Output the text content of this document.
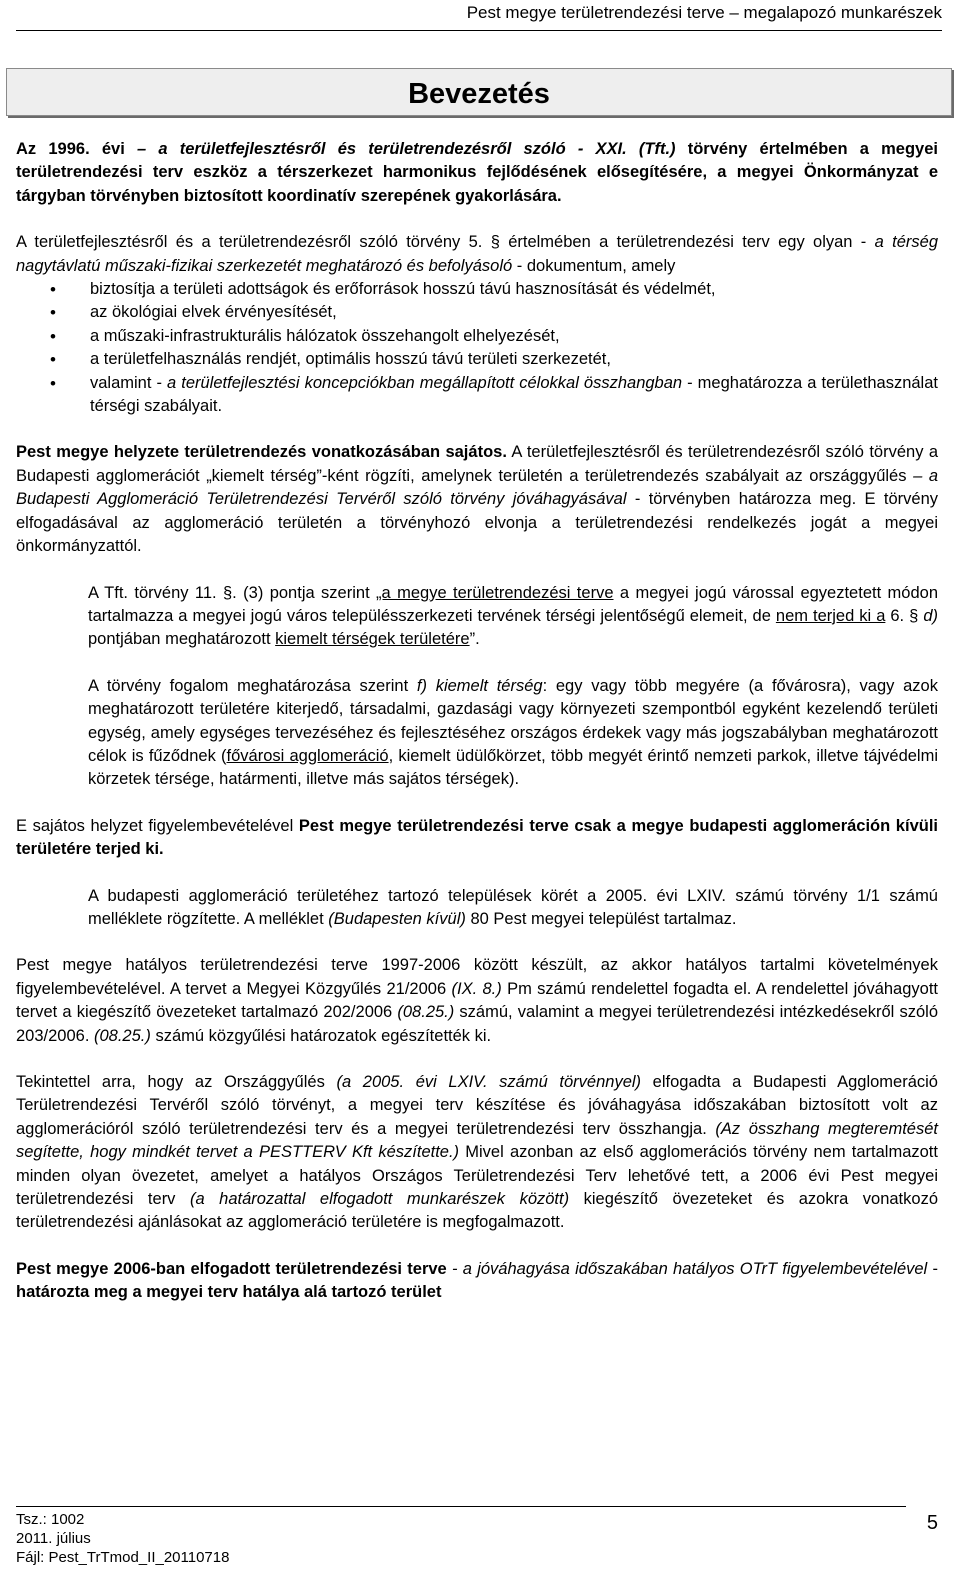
Pest megye területrendezési terve – megalapozó munkarészek
Bevezetés

Az 1996. évi – a területfejlesztésről és területrendezésről szóló - XXI. (Tft.) törvény értelmében a megyei területrendezési terv eszköz a térszerkezet harmonikus fejlődésének elősegítésére, a megyei Önkormányzat e tárgyban törvényben biztosított koordinatív szerepének gyakorlására.

A területfejlesztésről és a területrendezésről szóló törvény 5. § értelmében a területrendezési terv egy olyan - a térség nagytávlatú műszaki-fizikai szerkezetét meghatározó és befolyásoló - dokumentum, amely

• biztosítja a területi adottságok és erőforrások hosszú távú hasznosítását és védelmét,
• az ökológiai elvek érvényesítését,
• a műszaki-infrastrukturális hálózatok összehangolt elhelyezését,
• a területfelhasználás rendjét, optimális hosszú távú területi szerkezetét,
• valamint - a területfejlesztési koncepciókban megállapított célokkal összhangban - meghatározza a területhasználat térségi szabályait.

Pest megye helyzete területrendezés vonatkozásában sajátos. A területfejlesztésről és területrendezésről szóló törvény a Budapesti agglomerációt „kiemelt térség”-ként rögzíti, amelynek területén a területrendezés szabályait az országgyűlés – a Budapesti Agglomeráció Területrendezési Tervéről szóló törvény jóváhagyásával - törvényben határozza meg. E törvény elfogadásával az agglomeráció területén a törvényhozó elvonja a területrendezési rendelkezés jogát a megyei önkormányzattól.

A Tft. törvény 11. §. (3) pontja szerint „a megye területrendezési terve a megyei jogú várossal egyeztetett módon tartalmazza a megyei jogú város településszerkezeti tervének térségi jelentőségű elemeit, de nem terjed ki a 6. § d) pontjában meghatározott kiemelt térségek területére”.

A törvény fogalom meghatározása szerint f) kiemelt térség: egy vagy több megyére (a fővárosra), vagy azok meghatározott területére kiterjedő, társadalmi, gazdasági vagy környezeti szempontból egyként kezelendő területi egység, amely egységes tervezéséhez és fejlesztéséhez országos érdekek vagy más jogszabályban meghatározott célok is fűződnek (fővárosi agglomeráció, kiemelt üdülőkörzet, több megyét érintő nemzeti parkok, illetve tájvédelmi körzetek térsége, határmenti, illetve más sajátos térségek).

E sajátos helyzet figyelembevételével Pest megye területrendezési terve csak a megye budapesti agglomeráción kívüli területére terjed ki.

A budapesti agglomeráció területéhez tartozó települések körét a 2005. évi LXIV. számú törvény 1/1 számú melléklete rögzítette. A melléklet (Budapesten kívül) 80 Pest megyei települést tartalmaz.

Pest megye hatályos területrendezési terve 1997-2006 között készült, az akkor hatályos tartalmi követelmények figyelembevételével. A tervet a Megyei Közgyűlés 21/2006 (IX. 8.) Pm számú rendelettel fogadta el. A rendelettel jóváhagyott tervet a kiegészítő övezeteket tartalmazó 202/2006 (08.25.) számú, valamint a megyei területrendezési intézkedésekről szóló 203/2006. (08.25.) számú közgyűlési határozatok egészítették ki.

Tekintettel arra, hogy az Országgyűlés (a 2005. évi LXIV. számú törvénnyel) elfogadta a Budapesti Agglomeráció Területrendezési Tervéről szóló törvényt, a megyei terv készítése és jóváhagyása időszakában biztosított volt az agglomerációról szóló területrendezési terv és a megyei területrendezési terv összhangja. (Az összhang megteremtését segítette, hogy mindkét tervet a PESTTERV Kft készítette.) Mivel azonban az első agglomerációs törvény nem tartalmazott minden olyan övezetet, amelyet a hatályos Országos Területrendezési Terv lehetővé tett, a 2006 évi Pest megyei területrendezési terv (a határozattal elfogadott munkarészek között) kiegészítő övezeteket és azokra vonatkozó területrendezési ajánlásokat az agglomeráció területére is megfogalmazott.

Pest megye 2006-ban elfogadott területrendezési terve - a jóváhagyása időszakában hatályos OTrT figyelembevételével - határozta meg a megyei terv hatálya alá tartozó terület

Tsz.: 1002
2011. július
Fájl: Pest_TrTmod_II_20110718
5
